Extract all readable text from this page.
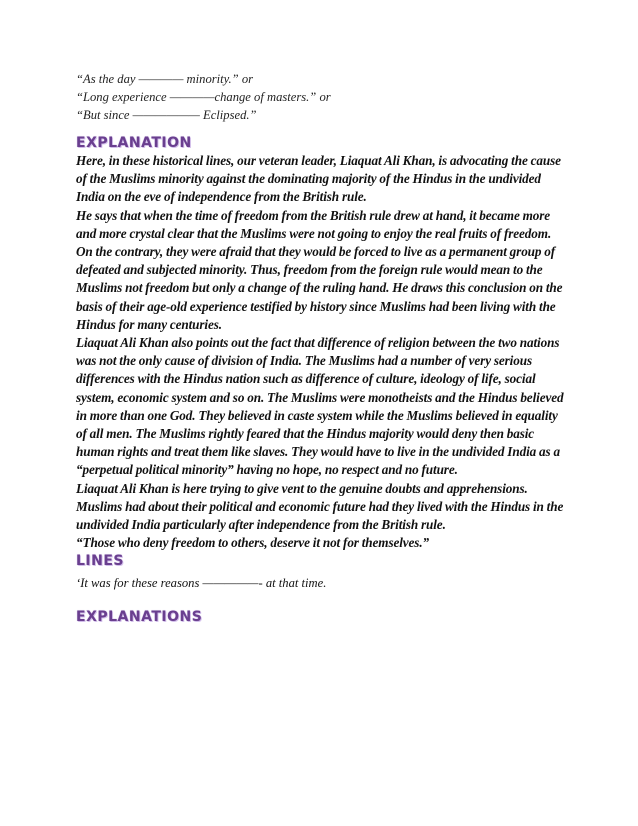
“As the day ———— minority.” or
“Long experience ————change of masters.” or
“But since —————— Eclipsed.”
EXPLANATION

Here, in these historical lines, our veteran leader, Liaquat Ali Khan, is advocating the cause of the Muslims minority against the dominating majority of the Hindus in the undivided India on the eve of independence from the British rule.

He says that when the time of freedom from the British rule drew at hand, it became more and more crystal clear that the Muslims were not going to enjoy the real fruits of freedom. On the contrary, they were afraid that they would be forced to live as a permanent group of defeated and subjected minority. Thus, freedom from the foreign rule would mean to the Muslims not freedom but only a change of the ruling hand. He draws this conclusion on the basis of their age-old experience testified by history since Muslims had been living with the Hindus for many centuries.

Liaquat Ali Khan also points out the fact that difference of religion between the two nations was not the only cause of division of India. The Muslims had a number of very serious differences with the Hindus nation such as difference of culture, ideology of life, social system, economic system and so on. The Muslims were monotheists and the Hindus believed in more than one God. They believed in caste system while the Muslims believed in equality of all men. The Muslims rightly feared that the Hindus majority would deny then basic human rights and treat them like slaves. They would have to live in the undivided India as a “perpetual political minority” having no hope, no respect and no future.

Liaquat Ali Khan is here trying to give vent to the genuine doubts and apprehensions. Muslims had about their political and economic future had they lived with the Hindus in the undivided India particularly after independence from the British rule.

“Those who deny freedom to others, deserve it not for themselves.”

LINES
‘It was for these reasons —————- at that time.
EXPLANATIONS
